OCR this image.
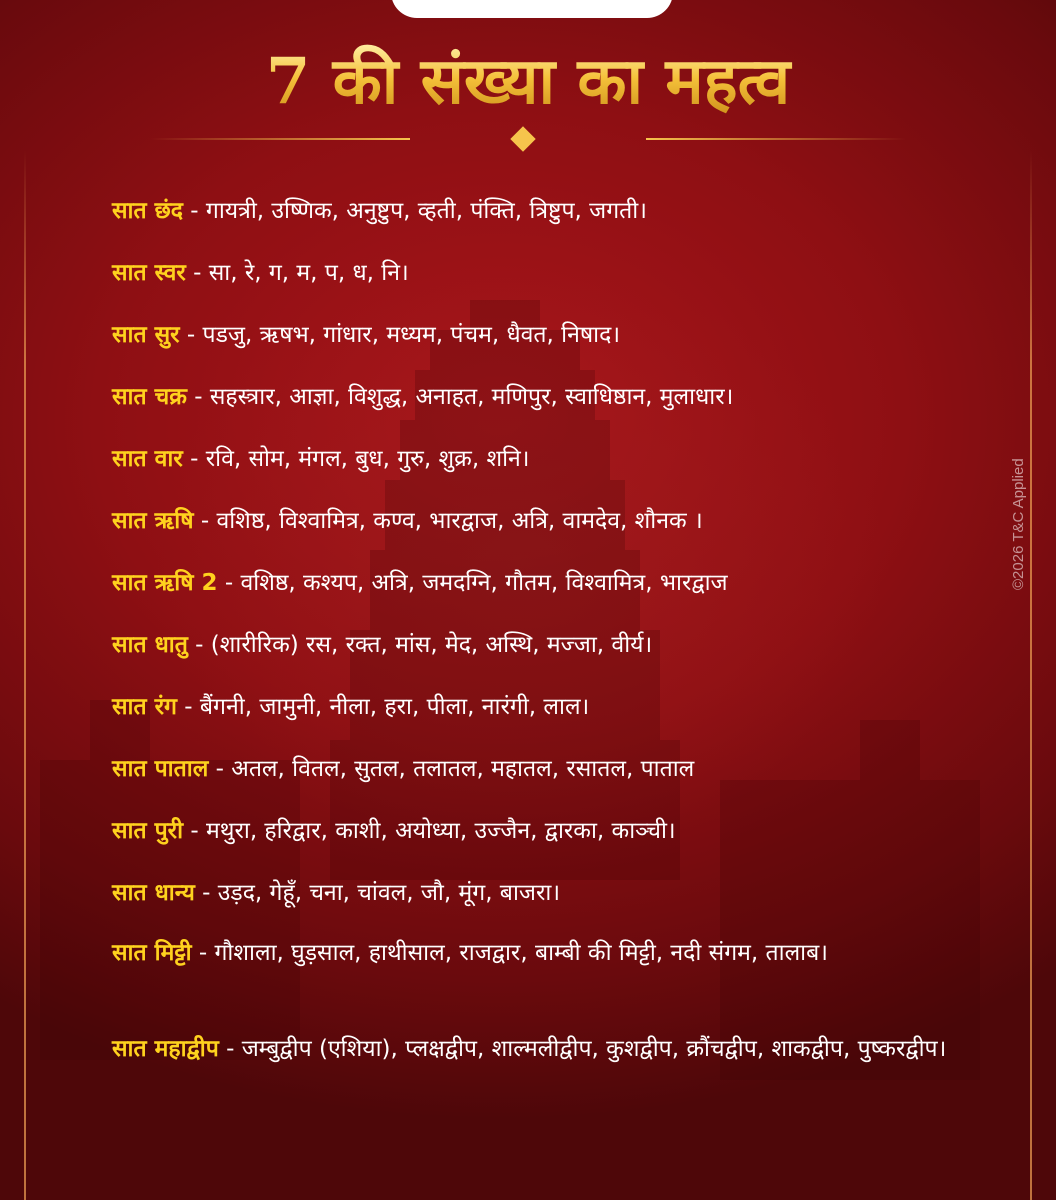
7 की संख्या का महत्व
सात छंद - गायत्री, उष्णिक, अनुष्टुप, व्हती, पंक्ति, त्रिष्टुप, जगती।
सात स्वर - सा, रे, ग, म, प, ध, नि।
सात सुर - पडजु, ऋषभ, गांधार, मध्यम, पंचम, धैवत, निषाद।
सात चक्र - सहस्त्रार, आज्ञा, विशुद्ध, अनाहत, मणिपुर, स्वाधिष्ठान, मुलाधार।
सात वार - रवि, सोम, मंगल, बुध, गुरु, शुक्र, शनि।
सात ऋषि - वशिष्ठ, विश्वामित्र, कण्व, भारद्वाज, अत्रि, वामदेव, शौनक ।
सात ऋषि 2 - वशिष्ठ, कश्यप, अत्रि, जमदग्नि, गौतम, विश्वामित्र, भारद्वाज
सात धातु - (शारीरिक) रस, रक्त, मांस, मेद, अस्थि, मज्जा, वीर्य।
सात रंग - बैंगनी, जामुनी, नीला, हरा, पीला, नारंगी, लाल।
सात पाताल - अतल, वितल, सुतल, तलातल, महातल, रसातल, पाताल
सात पुरी - मथुरा, हरिद्वार, काशी, अयोध्या, उज्जैन, द्वारका, काञ्ची।
सात धान्य - उड़द, गेहूँ, चना, चांवल, जौ, मूंग, बाजरा।
सात मिट्टी - गौशाला, घुड़साल, हाथीसाल, राजद्वार, बाम्बी की मिट्टी, नदी संगम, तालाब।
सात महाद्वीप - जम्बुद्वीप (एशिया), प्लक्षद्वीप, शाल्मलीद्वीप, कुशद्वीप, क्रौंचद्वीप, शाकद्वीप, पुष्करद्वीप।
©2026 T&C Applied
